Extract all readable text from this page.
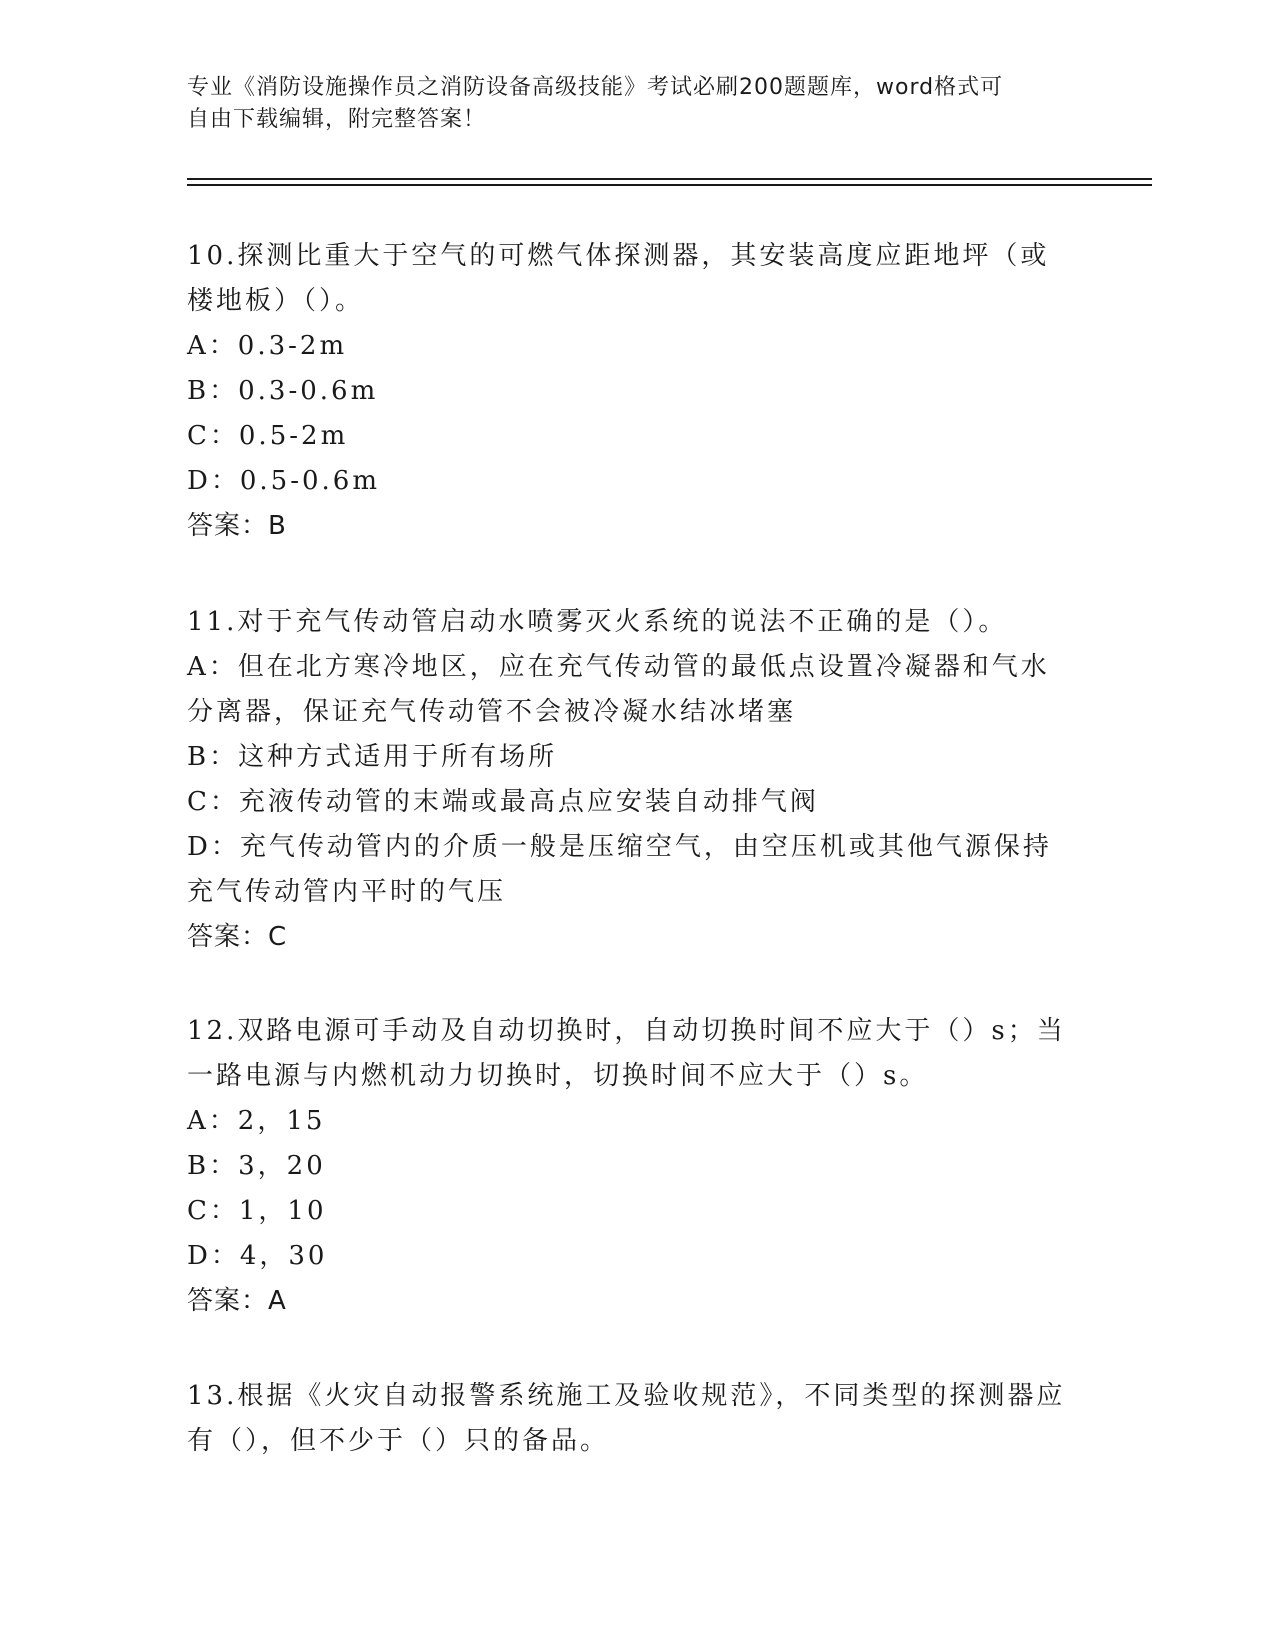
专业《消防设施操作员之消防设备高级技能》考试必刷200题题库，word格式可
自由下载编辑，附完整答案！

10.探测比重大于空气的可燃气体探测器，其安装高度应距地坪（或楼地板）（）。

A：0.3-2m

B：0.3-0.6m

C：0.5-2m

D：0.5-0.6m

答案：B

11.对于充气传动管启动水喷雾灭火系统的说法不正确的是（）。

A：但在北方寒冷地区，应在充气传动管的最低点设置冷凝器和气水分离器，保证充气传动管不会被冷凝水结冰堵塞

B：这种方式适用于所有场所

C：充液传动管的末端或最高点应安装自动排气阀

D：充气传动管内的介质一般是压缩空气，由空压机或其他气源保持充气传动管内平时的气压

答案：C

12.双路电源可手动及自动切换时，自动切换时间不应大于（）s；当一路电源与内燃机动力切换时，切换时间不应大于（）s。

A：2，15

B：3，20

C：1，10

D：4，30

答案：A

13.根据《火灾自动报警系统施工及验收规范》，不同类型的探测器应有（），但不少于（）只的备品。
